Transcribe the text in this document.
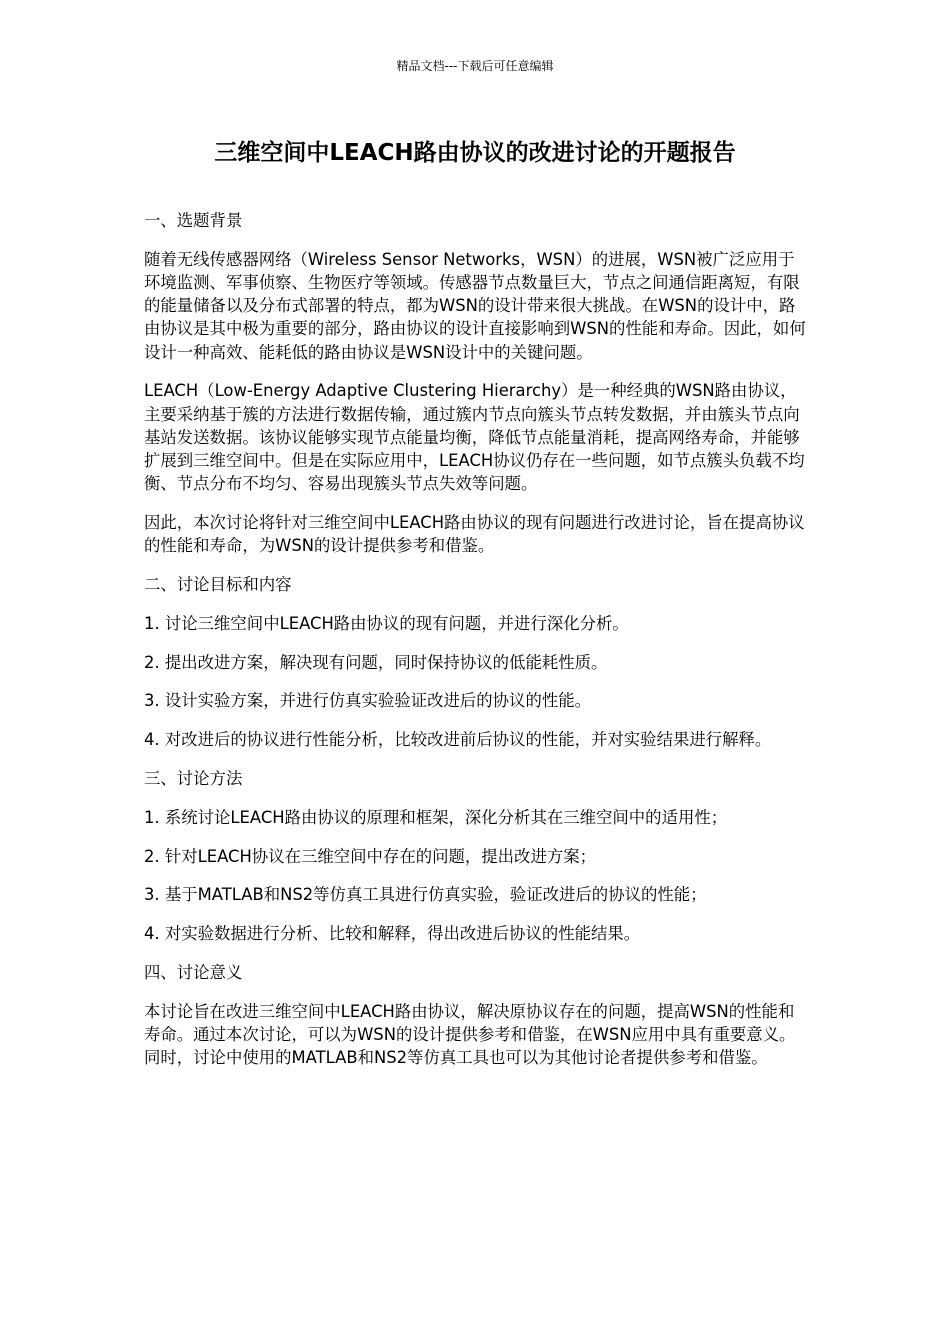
精品文档---下载后可任意编辑
三维空间中LEACH路由协议的改进讨论的开题报告

一、选题背景

随着无线传感器网络（Wireless Sensor Networks，WSN）的进展，WSN被广泛应用于环境监测、军事侦察、生物医疗等领域。传感器节点数量巨大，节点之间通信距离短，有限的能量储备以及分布式部署的特点，都为WSN的设计带来很大挑战。在WSN的设计中，路由协议是其中极为重要的部分，路由协议的设计直接影响到WSN的性能和寿命。因此，如何设计一种高效、能耗低的路由协议是WSN设计中的关键问题。

LEACH（Low-Energy Adaptive Clustering Hierarchy）是一种经典的WSN路由协议，主要采纳基于簇的方法进行数据传输，通过簇内节点向簇头节点转发数据，并由簇头节点向基站发送数据。该协议能够实现节点能量均衡，降低节点能量消耗，提高网络寿命，并能够扩展到三维空间中。但是在实际应用中，LEACH协议仍存在一些问题，如节点簇头负载不均衡、节点分布不均匀、容易出现簇头节点失效等问题。

因此，本次讨论将针对三维空间中LEACH路由协议的现有问题进行改进讨论，旨在提高协议的性能和寿命，为WSN的设计提供参考和借鉴。

二、讨论目标和内容

1. 讨论三维空间中LEACH路由协议的现有问题，并进行深化分析。

2. 提出改进方案，解决现有问题，同时保持协议的低能耗性质。

3. 设计实验方案，并进行仿真实验验证改进后的协议的性能。

4. 对改进后的协议进行性能分析，比较改进前后协议的性能，并对实验结果进行解释。

三、讨论方法

1. 系统讨论LEACH路由协议的原理和框架，深化分析其在三维空间中的适用性；

2. 针对LEACH协议在三维空间中存在的问题，提出改进方案；

3. 基于MATLAB和NS2等仿真工具进行仿真实验，验证改进后的协议的性能；

4. 对实验数据进行分析、比较和解释，得出改进后协议的性能结果。

四、讨论意义

本讨论旨在改进三维空间中LEACH路由协议，解决原协议存在的问题，提高WSN的性能和寿命。通过本次讨论，可以为WSN的设计提供参考和借鉴，在WSN应用中具有重要意义。同时，讨论中使用的MATLAB和NS2等仿真工具也可以为其他讨论者提供参考和借鉴。
